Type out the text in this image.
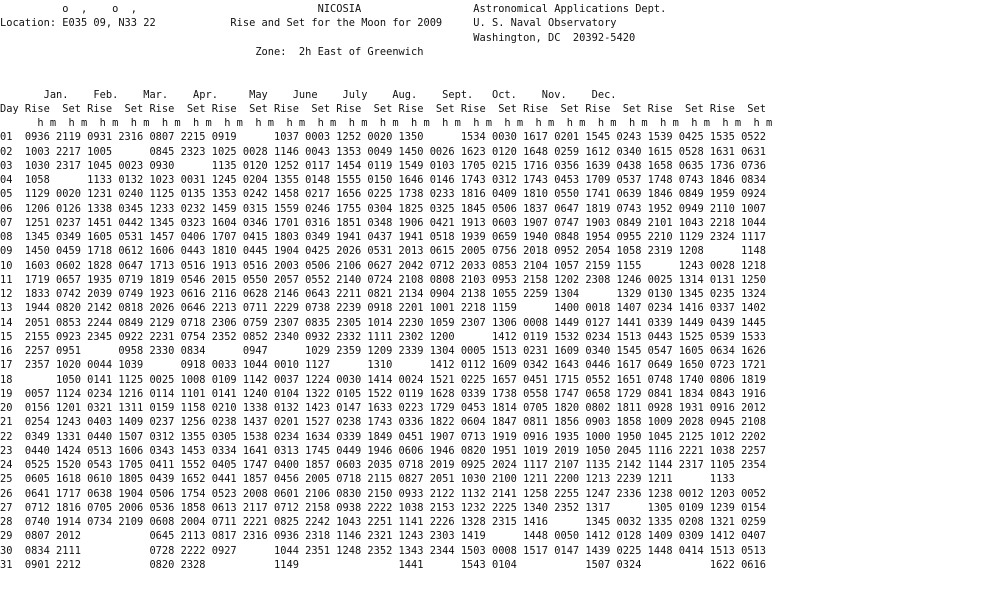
o  ,    o  ,                             NICOSIA                  Astronomical Applications Dept.
Location: E035 09, N33 22            Rise and Set for the Moon for 2009     U. S. Naval Observatory
Washington, DC  20392-5420
Zone:  2h East of Greenwich

Jan.    Feb.    Mar.    Apr.     May    June    July    Aug.    Sept.   Oct.    Nov.    Dec.
Day Rise  Set Rise  Set Rise  Set Rise  Set Rise  Set Rise  Set Rise  Set Rise  Set Rise  Set Rise  Set Rise  Set Rise  Set
h m  h m  h m  h m  h m  h m  h m  h m  h m  h m  h m  h m  h m  h m  h m  h m  h m  h m  h m  h m  h m  h m  h m  h m
01  0936 2119 0931 2316 0807 2215 0919      1037 0003 1252 0020 1350      1534 0030 1617 0201 1545 0243 1539 0425 1535 0522
02  1003 2217 1005      0845 2323 1025 0028 1146 0043 1353 0049 1450 0026 1623 0120 1648 0259 1612 0340 1615 0528 1631 0631
03  1030 2317 1045 0023 0930      1135 0120 1252 0117 1454 0119 1549 0103 1705 0215 1716 0356 1639 0438 1658 0635 1736 0736
04  1058      1133 0132 1023 0031 1245 0204 1355 0148 1555 0150 1646 0146 1743 0312 1743 0453 1709 0537 1748 0743 1846 0834
05  1129 0020 1231 0240 1125 0135 1353 0242 1458 0217 1656 0225 1738 0233 1816 0409 1810 0550 1741 0639 1846 0849 1959 0924
06  1206 0126 1338 0345 1233 0232 1459 0315 1559 0246 1755 0304 1825 0325 1845 0506 1837 0647 1819 0743 1952 0949 2110 1007
07  1251 0237 1451 0442 1345 0323 1604 0346 1701 0316 1851 0348 1906 0421 1913 0603 1907 0747 1903 0849 2101 1043 2218 1044
08  1345 0349 1605 0531 1457 0406 1707 0415 1803 0349 1941 0437 1941 0518 1939 0659 1940 0848 1954 0955 2210 1129 2324 1117
09  1450 0459 1718 0612 1606 0443 1810 0445 1904 0425 2026 0531 2013 0615 2005 0756 2018 0952 2054 1058 2319 1208      1148
10  1603 0602 1828 0647 1713 0516 1913 0516 2003 0506 2106 0627 2042 0712 2033 0853 2104 1057 2159 1155      1243 0028 1218
11  1719 0657 1935 0719 1819 0546 2015 0550 2057 0552 2140 0724 2108 0808 2103 0953 2158 1202 2308 1246 0025 1314 0131 1250
12  1833 0742 2039 0749 1923 0616 2116 0628 2146 0643 2211 0821 2134 0904 2138 1055 2259 1304      1329 0130 1345 0235 1324
13  1944 0820 2142 0818 2026 0646 2213 0711 2229 0738 2239 0918 2201 1001 2218 1159      1400 0018 1407 0234 1416 0337 1402
14  2051 0853 2244 0849 2129 0718 2306 0759 2307 0835 2305 1014 2230 1059 2307 1306 0008 1449 0127 1441 0339 1449 0439 1445
15  2155 0923 2345 0922 2231 0754 2352 0852 2340 0932 2332 1111 2302 1200      1412 0119 1532 0234 1513 0443 1525 0539 1533
16  2257 0951      0958 2330 0834      0947      1029 2359 1209 2339 1304 0005 1513 0231 1609 0340 1545 0547 1605 0634 1626
17  2357 1020 0044 1039      0918 0033 1044 0010 1127      1310      1412 0112 1609 0342 1643 0446 1617 0649 1650 0723 1721
18       1050 0141 1125 0025 1008 0109 1142 0037 1224 0030 1414 0024 1521 0225 1657 0451 1715 0552 1651 0748 1740 0806 1819
19  0057 1124 0234 1216 0114 1101 0141 1240 0104 1322 0105 1522 0119 1628 0339 1738 0558 1747 0658 1729 0841 1834 0843 1916
20  0156 1201 0321 1311 0159 1158 0210 1338 0132 1423 0147 1633 0223 1729 0453 1814 0705 1820 0802 1811 0928 1931 0916 2012
21  0254 1243 0403 1409 0237 1256 0238 1437 0201 1527 0238 1743 0336 1822 0604 1847 0811 1856 0903 1858 1009 2028 0945 2108
22  0349 1331 0440 1507 0312 1355 0305 1538 0234 1634 0339 1849 0451 1907 0713 1919 0916 1935 1000 1950 1045 2125 1012 2202
23  0440 1424 0513 1606 0343 1453 0334 1641 0313 1745 0449 1946 0606 1946 0820 1951 1019 2019 1050 2045 1116 2221 1038 2257
24  0525 1520 0543 1705 0411 1552 0405 1747 0400 1857 0603 2035 0718 2019 0925 2024 1117 2107 1135 2142 1144 2317 1105 2354
25  0605 1618 0610 1805 0439 1652 0441 1857 0456 2005 0718 2115 0827 2051 1030 2100 1211 2200 1213 2239 1211      1133
26  0641 1717 0638 1904 0506 1754 0523 2008 0601 2106 0830 2150 0933 2122 1132 2141 1258 2255 1247 2336 1238 0012 1203 0052
27  0712 1816 0705 2006 0536 1858 0613 2117 0712 2158 0938 2222 1038 2153 1232 2225 1340 2352 1317      1305 0109 1239 0154
28  0740 1914 0734 2109 0608 2004 0711 2221 0825 2242 1043 2251 1141 2226 1328 2315 1416      1345 0032 1335 0208 1321 0259
29  0807 2012           0645 2113 0817 2316 0936 2318 1146 2321 1243 2303 1419      1448 0050 1412 0128 1409 0309 1412 0407
30  0834 2111           0728 2222 0927      1044 2351 1248 2352 1343 2344 1503 0008 1517 0147 1439 0225 1448 0414 1513 0513
31  0901 2212           0820 2328           1149                1441      1543 0104           1507 0324           1622 0616
